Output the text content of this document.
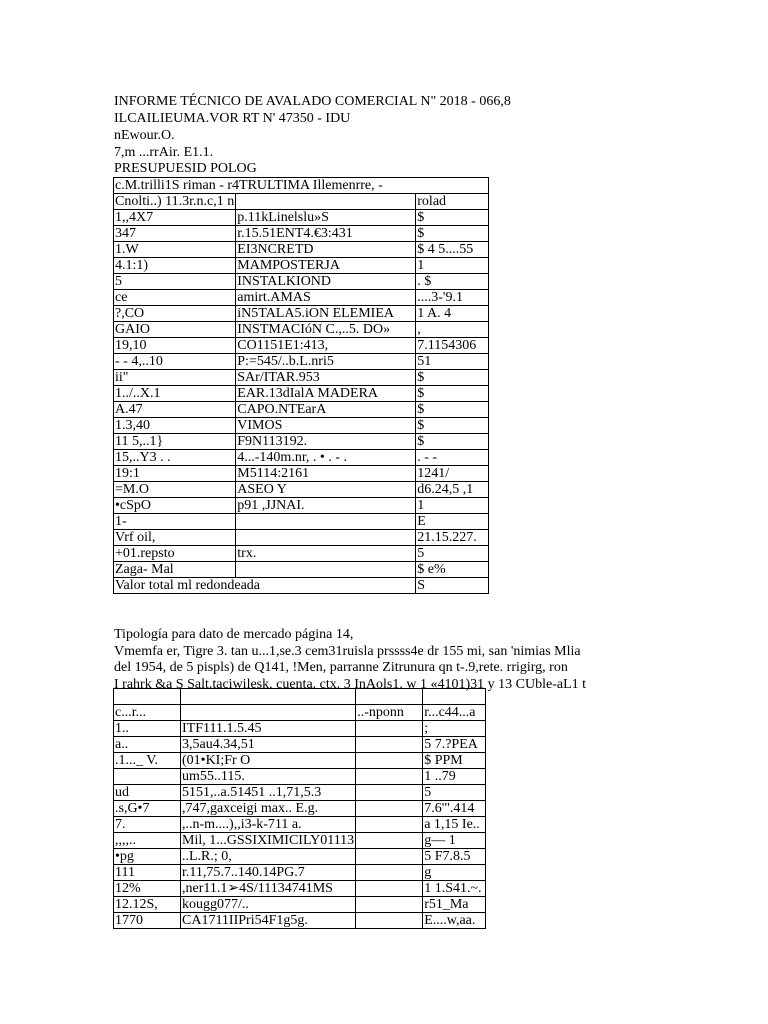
INFORME TÉCNICO DE AVALADO COMERCIAL N" 2018 - 066,8
ILCAILIEUMA.VOR RT N' 47350 - IDU
nEwour.O.
7,m ...rrAir. E1.1.
PRESUPUESID POLOG
c.M.trilli1S riman - r4TRULTIMA Illemenrre, -		
Cnolti..) 11.3r.n.c,1 n		rolad
1,,4X7	p.11kLinelslu»S	$
347	r.15.51ENT4.€3:431	$
1.W	EI3NCRETD	$ 4 5....55
4.1:1)	MAMPOSTERJA	1
5	INSTALKIOND	. $
ce	amirt.AMAS	....3-'9.1
?,CO	iN5TALA5.iON ELEMIEA	1 A. 4
GAIO	INSTMACIóN C.,..5. DO»	,
19,10	CO1151E1:413,	7.1154306
- - 4,..10	P:=545/..b.L.nri5	51
ii"	SAr/ITAR.953	$
1../..X.1	EAR.13dIalA MADERA	$
A.47	CAPO.NTEarA	$
1.3,40	VIMOS	$
11 5,..1}	F9N113192.	$
15,..Y3 . .	4...-140m.nr, . • . - .	. - -
19:1	M5114:2161	1241/
=M.O	ASEO Y	d6.24,5 ,1
•cSpO	p91 ,JJNAI.	1
1-		E
Vrf oil,		21.15.227.
+01.repsto	trx.	5
Zaga- Mal		$ e%
Valor total ml redondeada		S
Tipología para dato de mercado página 14,
Vmemfa er, Tigre 3. tan u...1,se.3 cem31ruisla prssss4e dr 155 mi, san 'nimias Mlia
del 1954, de 5 pispls) de Q141, !Men, parranne Zitrunura qn t-.9,rete. rrigirg, ron
I rahrk &a S Salt.taciwilesk. cuenta. ctx. 3 InAols1. w 1 «4101)31 y 13 CUble-aL1 t

c...r...		..-nponn	r...c44...a
1..	ITF111.1.5.45		;
a..	3,5au4.34,51		5 7.?PEA
.1..._ V.	(01•KI;Fr O		$ PPM
	um55..115.		1 ..79
ud	5151,..a.51451 ..1,71,5.3		5
.s,G•7	,747,gaxceigi max.. E.g.		7.6'".414
7.	,..n-m....),,i3-k-711 a.		a 1,15 Ie..
,,,,..	Mil, 1...GSSIXIMICILY01113		g— 1
•pg	..L.R.; 0,		5 F7.8.5
111	r.11,75.7..140.14PG.7		g
12%	,ner11.1➢4S/11134741MS		1 1.S41.~.
12.12S,	kougg077/..		r51_Ma
1770	CA1711IIPri54F1g5g.		E....w,aa.
